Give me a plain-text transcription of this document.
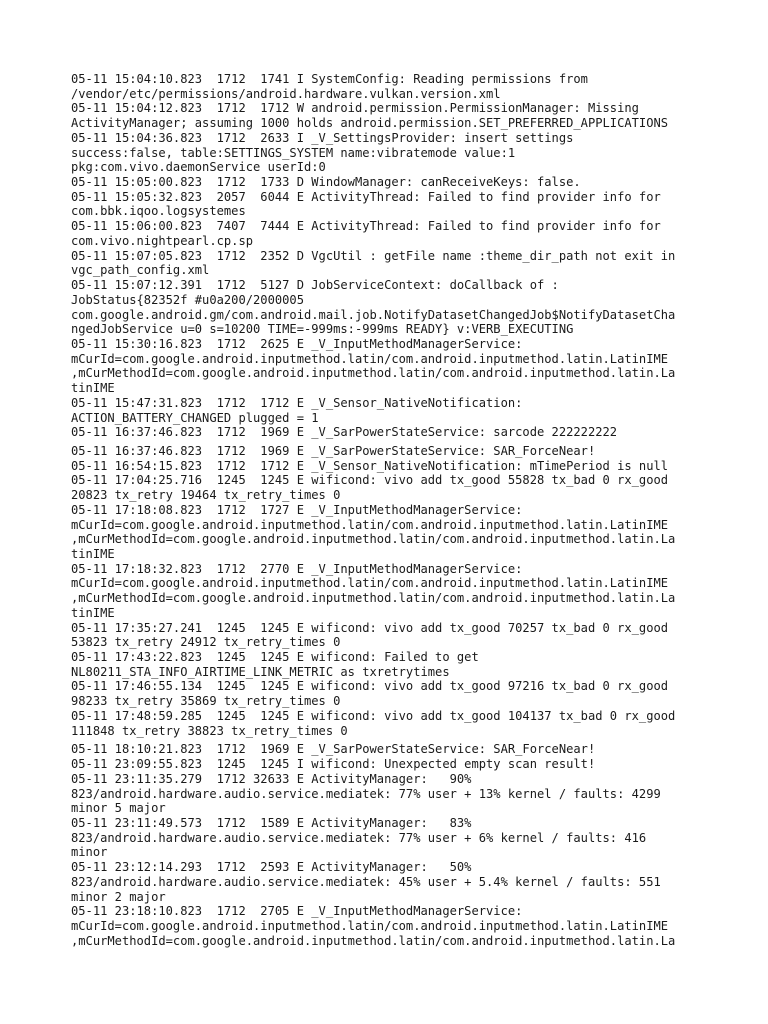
05-11 15:04:10.823  1712  1741 I SystemConfig: Reading permissions from
/vendor/etc/permissions/android.hardware.vulkan.version.xml
05-11 15:04:12.823  1712  1712 W android.permission.PermissionManager: Missing
ActivityManager; assuming 1000 holds android.permission.SET_PREFERRED_APPLICATIONS
05-11 15:04:36.823  1712  2633 I _V_SettingsProvider: insert settings
success:false, table:SETTINGS_SYSTEM name:vibratemode value:1
pkg:com.vivo.daemonService userId:0
05-11 15:05:00.823  1712  1733 D WindowManager: canReceiveKeys: false.
05-11 15:05:32.823  2057  6044 E ActivityThread: Failed to find provider info for
com.bbk.iqoo.logsystemes
05-11 15:06:00.823  7407  7444 E ActivityThread: Failed to find provider info for
com.vivo.nightpearl.cp.sp
05-11 15:07:05.823  1712  2352 D VgcUtil : getFile name :theme_dir_path not exit in
vgc_path_config.xml
05-11 15:07:12.391  1712  5127 D JobServiceContext: doCallback of :
JobStatus{82352f #u0a200/2000005
com.google.android.gm/com.android.mail.job.NotifyDatasetChangedJob$NotifyDatasetCha
ngedJobService u=0 s=10200 TIME=-999ms:-999ms READY} v:VERB_EXECUTING
05-11 15:30:16.823  1712  2625 E _V_InputMethodManagerService:
mCurId=com.google.android.inputmethod.latin/com.android.inputmethod.latin.LatinIME
,mCurMethodId=com.google.android.inputmethod.latin/com.android.inputmethod.latin.La
tinIME
05-11 15:47:31.823  1712  1712 E _V_Sensor_NativeNotification:
ACTION_BATTERY_CHANGED plugged = 1
05-11 16:37:46.823  1712  1969 E _V_SarPowerStateService: sarcode 222222222
05-11 16:37:46.823  1712  1969 E _V_SarPowerStateService: SAR_ForceNear!
05-11 16:54:15.823  1712  1712 E _V_Sensor_NativeNotification: mTimePeriod is null
05-11 17:04:25.716  1245  1245 E wificond: vivo add tx_good 55828 tx_bad 0 rx_good
20823 tx_retry 19464 tx_retry_times 0
05-11 17:18:08.823  1712  1727 E _V_InputMethodManagerService:
mCurId=com.google.android.inputmethod.latin/com.android.inputmethod.latin.LatinIME
,mCurMethodId=com.google.android.inputmethod.latin/com.android.inputmethod.latin.La
tinIME
05-11 17:18:32.823  1712  2770 E _V_InputMethodManagerService:
mCurId=com.google.android.inputmethod.latin/com.android.inputmethod.latin.LatinIME
,mCurMethodId=com.google.android.inputmethod.latin/com.android.inputmethod.latin.La
tinIME
05-11 17:35:27.241  1245  1245 E wificond: vivo add tx_good 70257 tx_bad 0 rx_good
53823 tx_retry 24912 tx_retry_times 0
05-11 17:43:22.823  1245  1245 E wificond: Failed to get
NL80211_STA_INFO_AIRTIME_LINK_METRIC as txretrytimes
05-11 17:46:55.134  1245  1245 E wificond: vivo add tx_good 97216 tx_bad 0 rx_good
98233 tx_retry 35869 tx_retry_times 0
05-11 17:48:59.285  1245  1245 E wificond: vivo add tx_good 104137 tx_bad 0 rx_good
111848 tx_retry 38823 tx_retry_times 0
05-11 18:10:21.823  1712  1969 E _V_SarPowerStateService: SAR_ForceNear!
05-11 23:09:55.823  1245  1245 I wificond: Unexpected empty scan result!
05-11 23:11:35.279  1712 32633 E ActivityManager:   90%
823/android.hardware.audio.service.mediatek: 77% user + 13% kernel / faults: 4299
minor 5 major
05-11 23:11:49.573  1712  1589 E ActivityManager:   83%
823/android.hardware.audio.service.mediatek: 77% user + 6% kernel / faults: 416
minor
05-11 23:12:14.293  1712  2593 E ActivityManager:   50%
823/android.hardware.audio.service.mediatek: 45% user + 5.4% kernel / faults: 551
minor 2 major
05-11 23:18:10.823  1712  2705 E _V_InputMethodManagerService:
mCurId=com.google.android.inputmethod.latin/com.android.inputmethod.latin.LatinIME
,mCurMethodId=com.google.android.inputmethod.latin/com.android.inputmethod.latin.La
